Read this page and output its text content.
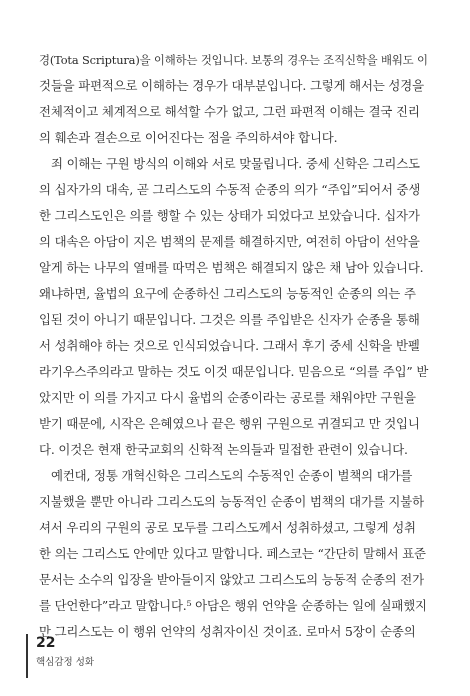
경(Tota Scriptura)을 이해하는 것입니다. 보통의 경우는 조직신학을 배워도 이
것들을 파편적으로 이해하는 경우가 대부분입니다. 그렇게 해서는 성경을
전체적이고 체계적으로 해석할 수가 없고, 그런 파편적 이해는 결국 진리
의 훼손과 결손으로 이어진다는 점을 주의하셔야 합니다.
죄 이해는 구원 방식의 이해와 서로 맞물립니다. 중세 신학은 그리스도
의 십자가의 대속, 곧 그리스도의 수동적 순종의 의가 “주입”되어서 중생
한 그리스도인은 의를 행할 수 있는 상태가 되었다고 보았습니다. 십자가
의 대속은 아담이 지은 범책의 문제를 해결하지만, 여전히 아담이 선악을
알게 하는 나무의 열매를 따먹은 범책은 해결되지 않은 채 남아 있습니다.
왜냐하면, 율법의 요구에 순종하신 그리스도의 능동적인 순종의 의는 주
입된 것이 아니기 때문입니다. 그것은 의를 주입받은 신자가 순종을 통해
서 성취해야 하는 것으로 인식되었습니다. 그래서 후기 중세 신학을 반펠
라기우스주의라고 말하는 것도 이것 때문입니다. 믿음으로 “의를 주입” 받
았지만 이 의를 가지고 다시 율법의 순종이라는 공로를 채워야만 구원을
받기 때문에, 시작은 은혜였으나 끝은 행위 구원으로 귀결되고 만 것입니
다. 이것은 현재 한국교회의 신학적 논의들과 밀접한 관련이 있습니다.
예컨대, 정통 개혁신학은 그리스도의 수동적인 순종이 벌책의 대가를
지불했을 뿐만 아니라 그리스도의 능동적인 순종이 범책의 대가를 지불하
셔서 우리의 구원의 공로 모두를 그리스도께서 성취하셨고, 그렇게 성취
한 의는 그리스도 안에만 있다고 말합니다. 페스코는 “간단히 말해서 표준
문서는 소수의 입장을 받아들이지 않았고 그리스도의 능동적 순종의 전가
를 단언한다”라고 말합니다.⁵ 아담은 행위 언약을 순종하는 일에 실패했지
만 그리스도는 이 행위 언약의 성취자이신 것이죠. 로마서 5장이 순종의
22
핵심감정 성화
